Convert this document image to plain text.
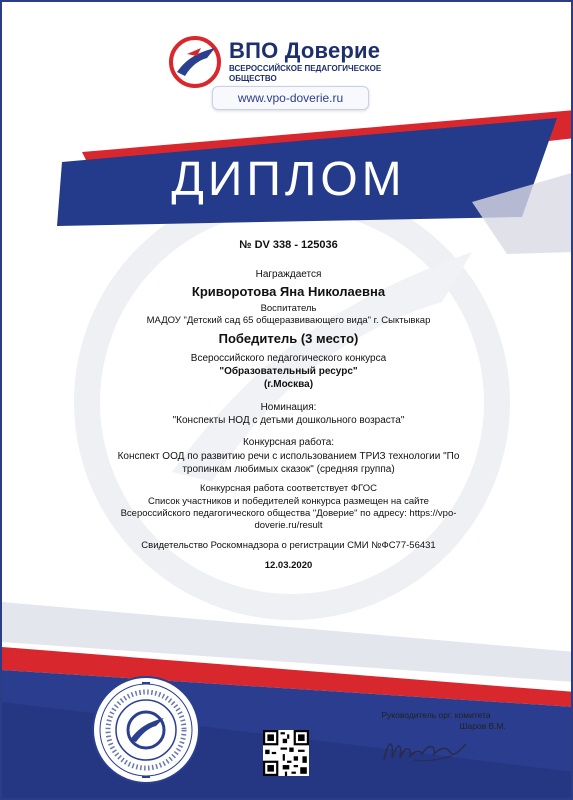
ВПО Доверие
ВСЕРОССИЙСКОЕ ПЕДАГОГИЧЕСКОЕ ОБЩЕСТВО
www.vpo-doverie.ru
ДИПЛОМ
№ DV 338 - 125036
Награждается
Криворотова Яна Николаевна
Воспитатель
МАДОУ "Детский сад 65 общеразвивающего вида" г. Сыктывкар
Победитель (3 место)
Всероссийского педагогического конкурса
"Образовательный ресурс"
(г.Москва)
Номинация:
"Конспекты НОД с детьми дошкольного возраста"
Конкурсная работа:
Конспект ООД по развитию речи с использованием ТРИЗ технологии "По
тропинкам любимых сказок" (средняя группа)
Конкурсная работа соответствует ФГОС
Список участников и победителей конкурса размещен на сайте
Всероссийского педагогического общества "Доверие" по адресу: https://vpo-
doverie.ru/result
Свидетельство Роскомнадзора о регистрации СМИ №ФС77-56431
12.03.2020
Руководитель орг. комитета
Шаров В.М.
